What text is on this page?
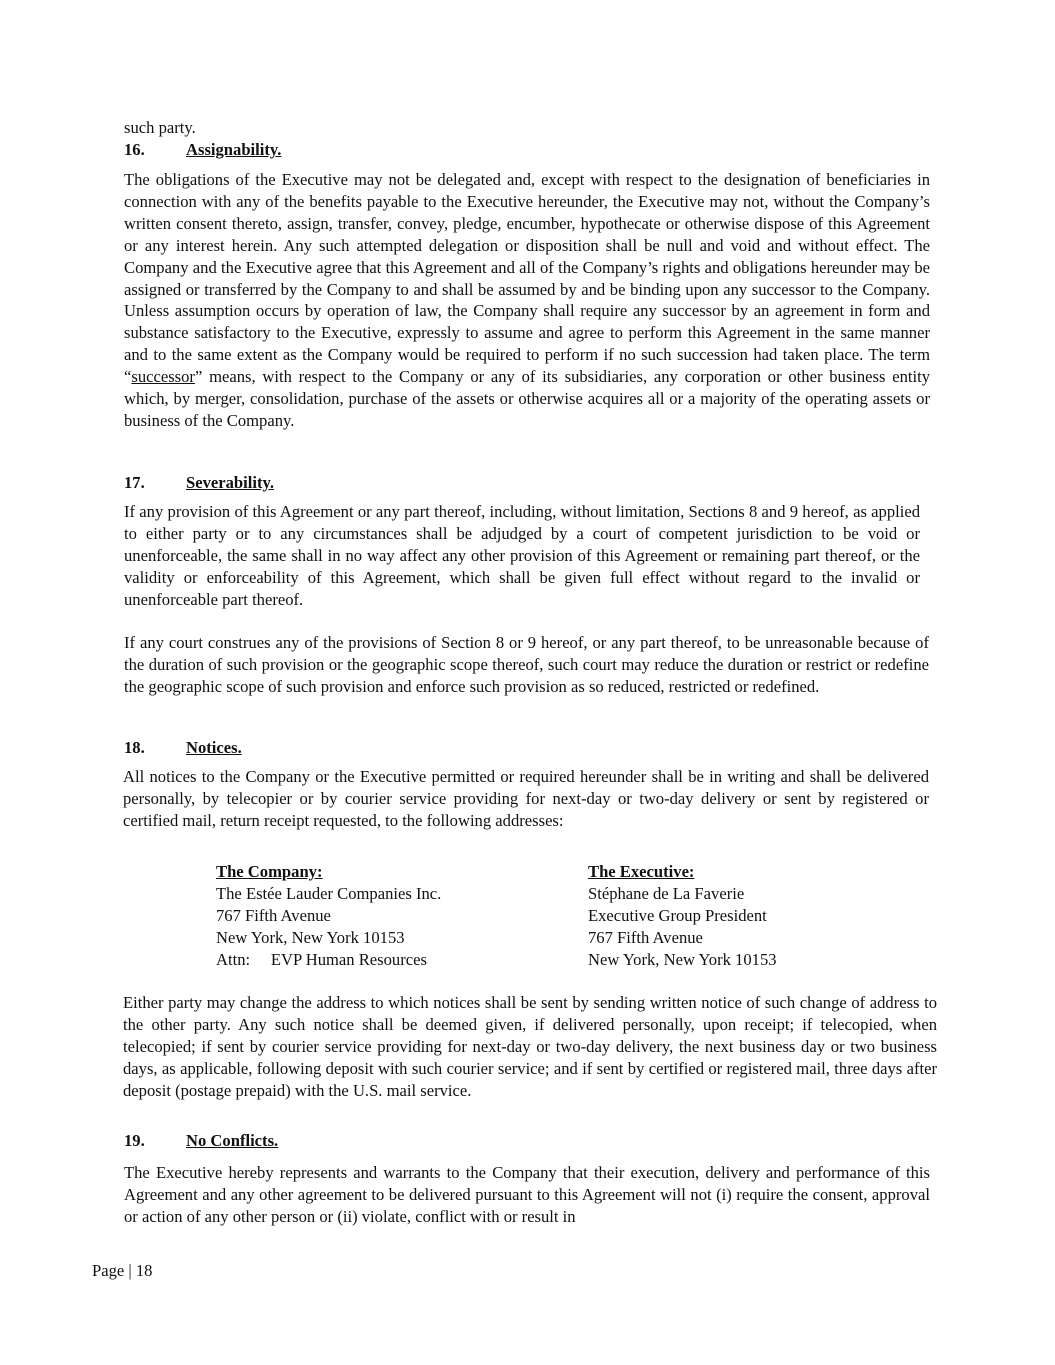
such party.
16. Assignability.

The obligations of the Executive may not be delegated and, except with respect to the designation of beneficiaries in connection with any of the benefits payable to the Executive hereunder, the Executive may not, without the Company’s written consent thereto, assign, transfer, convey, pledge, encumber, hypothecate or otherwise dispose of this Agreement or any interest herein. Any such attempted delegation or disposition shall be null and void and without effect. The Company and the Executive agree that this Agreement and all of the Company’s rights and obligations hereunder may be assigned or transferred by the Company to and shall be assumed by and be binding upon any successor to the Company. Unless assumption occurs by operation of law, the Company shall require any successor by an agreement in form and substance satisfactory to the Executive, expressly to assume and agree to perform this Agreement in the same manner and to the same extent as the Company would be required to perform if no such succession had taken place. The term “successor” means, with respect to the Company or any of its subsidiaries, any corporation or other business entity which, by merger, consolidation, purchase of the assets or otherwise acquires all or a majority of the operating assets or business of the Company.

17. Severability.

If any provision of this Agreement or any part thereof, including, without limitation, Sections 8 and 9 hereof, as applied to either party or to any circumstances shall be adjudged by a court of competent jurisdiction to be void or unenforceable, the same shall in no way affect any other provision of this Agreement or remaining part thereof, or the validity or enforceability of this Agreement, which shall be given full effect without regard to the invalid or unenforceable part thereof.

If any court construes any of the provisions of Section 8 or 9 hereof, or any part thereof, to be unreasonable because of the duration of such provision or the geographic scope thereof, such court may reduce the duration or restrict or redefine the geographic scope of such provision and enforce such provision as so reduced, restricted or redefined.

18. Notices.

All notices to the Company or the Executive permitted or required hereunder shall be in writing and shall be delivered personally, by telecopier or by courier service providing for next-day or two-day delivery or sent by registered or certified mail, return receipt requested, to the following addresses:

The Company:
The Estée Lauder Companies Inc.
767 Fifth Avenue
New York, New York 10153
Attn:     EVP Human Resources
The Executive:
Stéphane de La Faverie
Executive Group President
767 Fifth Avenue
New York, New York 10153

Either party may change the address to which notices shall be sent by sending written notice of such change of address to the other party. Any such notice shall be deemed given, if delivered personally, upon receipt; if telecopied, when telecopied; if sent by courier service providing for next-day or two-day delivery, the next business day or two business days, as applicable, following deposit with such courier service; and if sent by certified or registered mail, three days after deposit (postage prepaid) with the U.S. mail service.

19. No Conflicts.

The Executive hereby represents and warrants to the Company that their execution, delivery and performance of this Agreement and any other agreement to be delivered pursuant to this Agreement will not (i) require the consent, approval or action of any other person or (ii) violate, conflict with or result in

Page | 18
